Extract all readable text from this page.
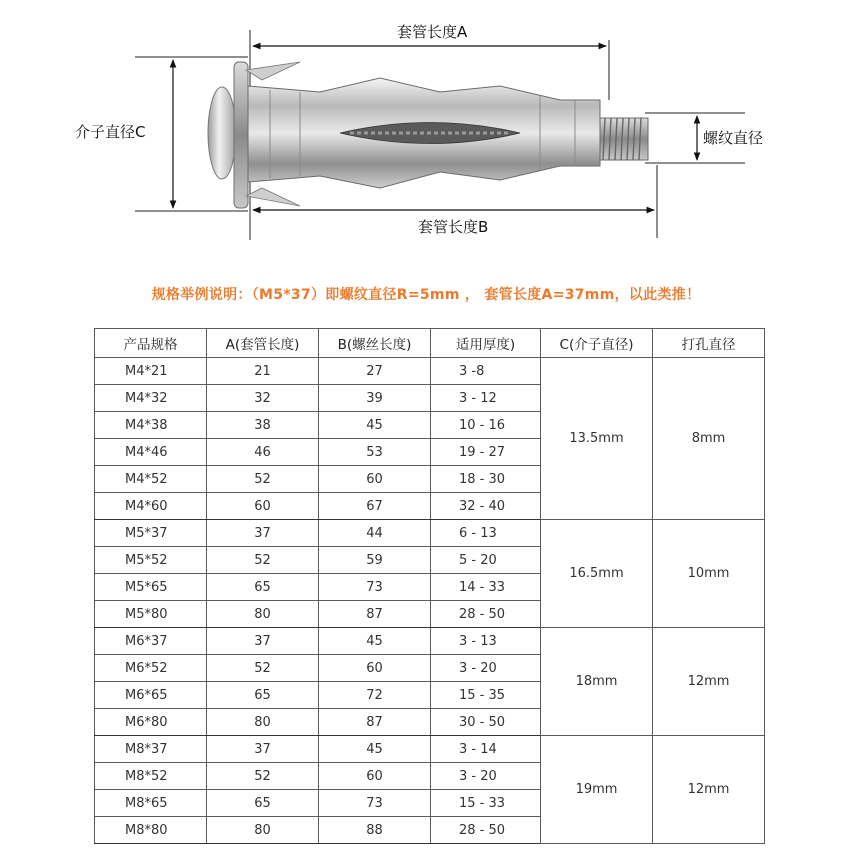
套管长度A
套管长度B
介子直径C	螺纹直径
规格举例说明：（M5*37）即螺纹直径R=5mm ， 套管长度A=37mm，以此类推！
产品规格	A(套管长度)	B(螺丝长度)	适用厚度)	C(介子直径)	打孔直径
M4*21	21	27	3 -8	13.5mm	8mm
M4*32	32	39	3 - 12		
M4*38	38	45	10 - 16		
M4*46	46	53	19 - 27		
M4*52	52	60	18 - 30		
M4*60	60	67	32 - 40		
M5*37	37	44	6 - 13	16.5mm	10mm
M5*52	52	59	5 - 20		
M5*65	65	73	14 - 33		
M5*80	80	87	28 - 50		
M6*37	37	45	3 - 13	18mm	12mm
M6*52	52	60	3 - 20		
M6*65	65	72	15 - 35		
M6*80	80	87	30 - 50		
M8*37	37	45	3 - 14	19mm	12mm
M8*52	52	60	3 - 20		
M8*65	65	73	15 - 33		
M8*80	80	88	28 - 50		
